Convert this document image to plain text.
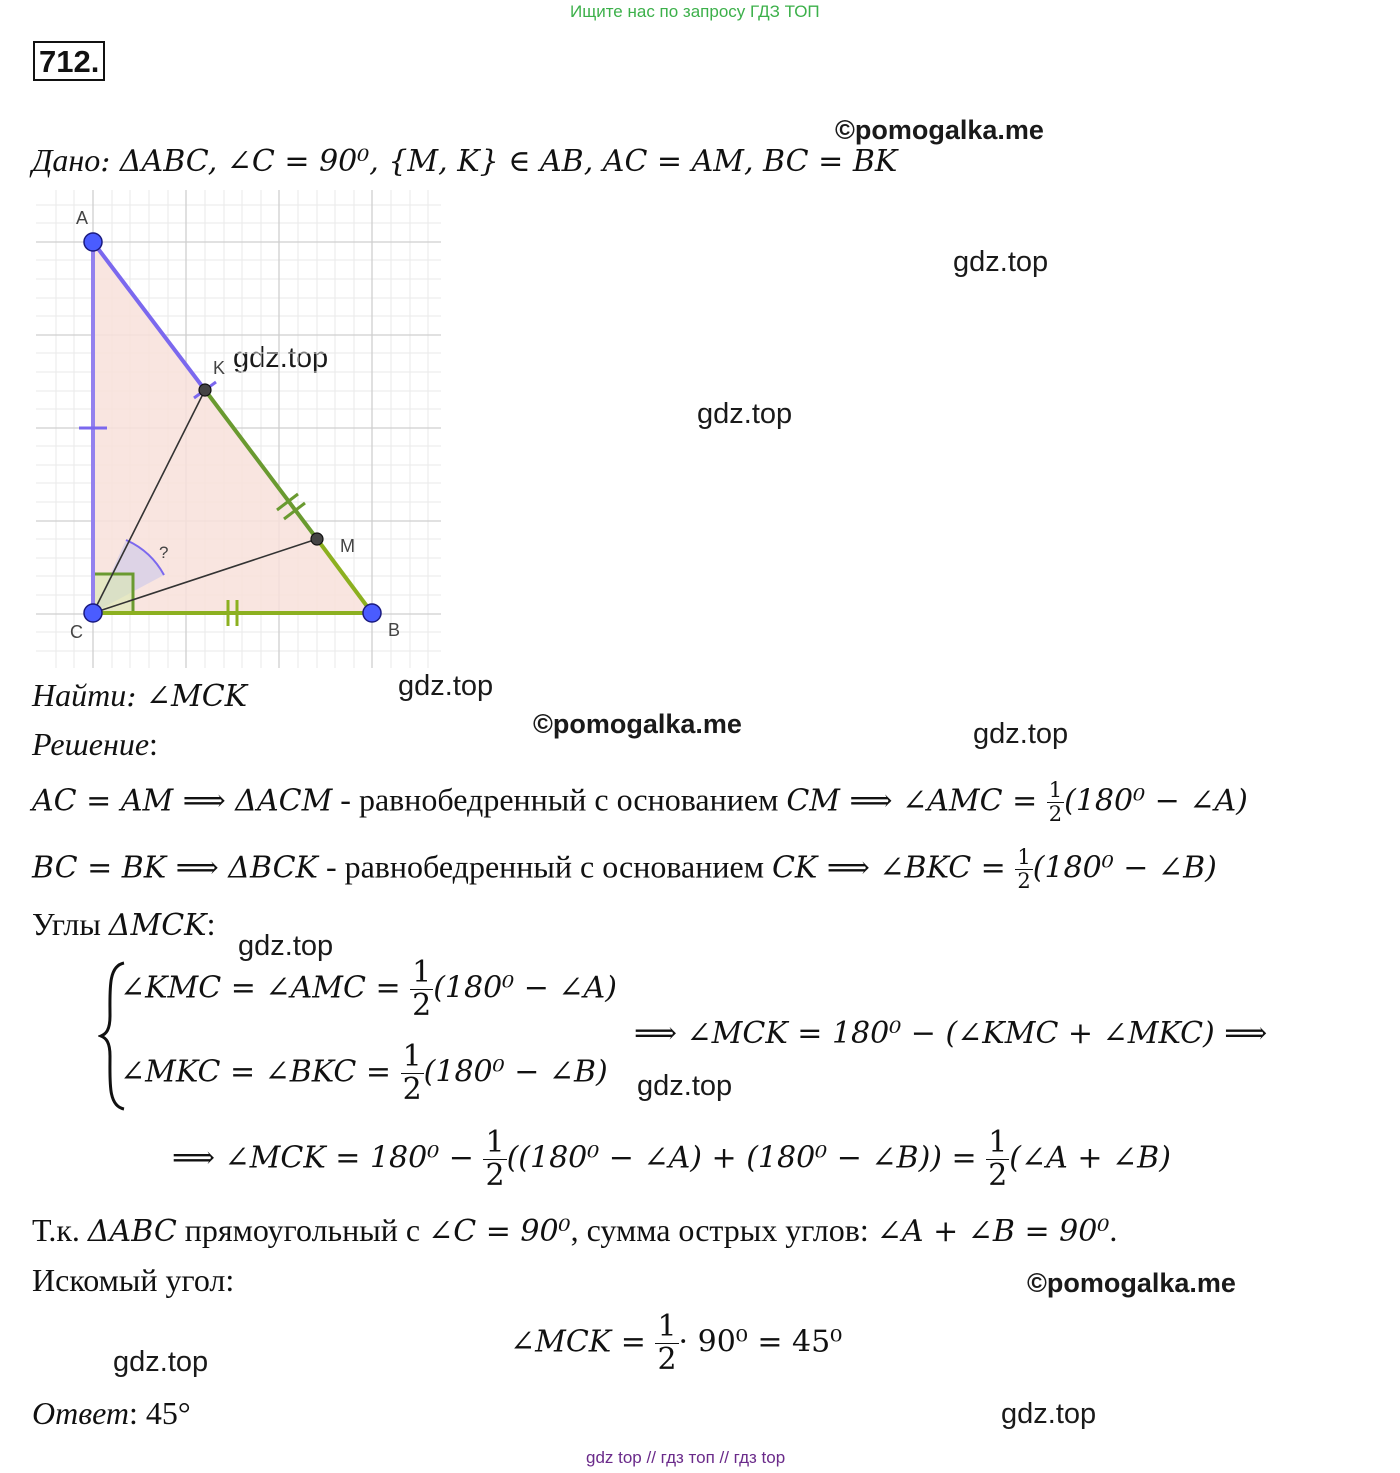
Ищите нас по запросу ГДЗ ТОП
712.
©pomogalka.me
gdz.top
gdz.top
gdz.top
gdz.top
©pomogalka.me	gdz.top
gdz.top
gdz.top
©pomogalka.me
gdz.top
gdz.top
Дано: ΔABC, ∠C = 90⁰, {M, K} ∈ AB, AC = AM, BC = BK
A
B
C
K
M
?
Найти: ∠MCK
Решение:
AC = AM ⟹ ΔACM - равнобедренный с основанием CM ⟹ ∠AMC = $\frac{1}{2} (180^0$ − ∠A)
BC = BK ⟹ ΔBCK - равнобедренный с основанием CK ⟹ ∠BKC = $\frac{1}{2} (180^0$ − ∠B)
Углы ΔMCK:
∠KMC = ∠AMC = $\frac{1}{2} (180^0$ − ∠A)
∠MKC = ∠BKC = $\frac{1}{2} (180^0$ − ∠B)
⟹ ∠MCK = 180⁰ − (∠KMC + ∠MKC) ⟹
⟹ ∠MCK = $180^0 - \frac{1}{2} ((180^0$ − ∠A) + (180⁰ − ∠B)) = $\frac{1}{2}$ (∠A + ∠B)
Т.к. ΔABC прямоугольный с ∠C = 90⁰, сумма острых углов: ∠A + ∠B = 90⁰.
Искомый угол:
∠MCK = $\frac{1}{2} \cdot 90^0 = 45^0$
Ответ: 45°
gdz top // гдз топ // гдз top
